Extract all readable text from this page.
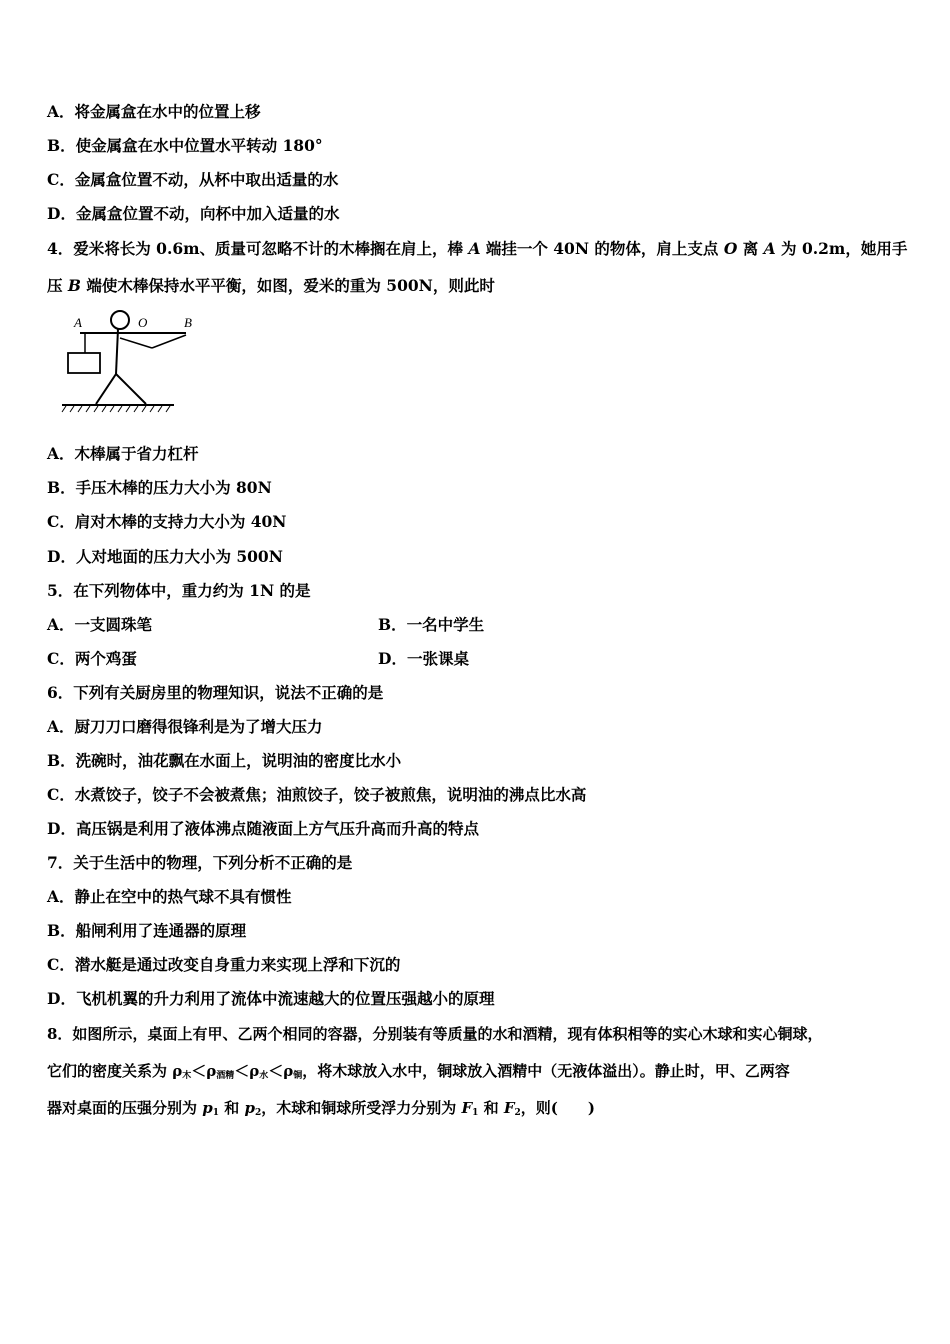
A．将金属盒在水中的位置上移
B．使金属盒在水中位置水平转动 180°
C．金属盒位置不动，从杯中取出适量的水
D．金属盒位置不动，向杯中加入适量的水
4．爱米将长为 0.6m、质量可忽略不计的木棒搁在肩上，棒 A 端挂一个 40N 的物体，肩上支点 O 离 A 为 0.2m，她用手
压 B 端使木棒保持水平平衡，如图，爱米的重为 500N，则此时
A	O	B
A．木棒属于省力杠杆
B．手压木棒的压力大小为 80N
C．肩对木棒的支持力大小为 40N
D．人对地面的压力大小为 500N
5．在下列物体中，重力约为 1N 的是
A．一支圆珠笔	B．一名中学生
C．两个鸡蛋	D．一张课桌
6．下列有关厨房里的物理知识，说法不正确的是
A．厨刀刀口磨得很锋利是为了增大压力
B．洗碗时，油花飘在水面上，说明油的密度比水小
C．水煮饺子，饺子不会被煮焦；油煎饺子，饺子被煎焦，说明油的沸点比水高
D．高压锅是利用了液体沸点随液面上方气压升高而升高的特点
7．关于生活中的物理，下列分析不正确的是
A．静止在空中的热气球不具有惯性
B．船闸利用了连通器的原理
C．潜水艇是通过改变自身重力来实现上浮和下沉的
D．飞机机翼的升力利用了流体中流速越大的位置压强越小的原理
8．如图所示，桌面上有甲、乙两个相同的容器，分别装有等质量的水和酒精，现有体积相等的实心木球和实心铜球，
它们的密度关系为 $\rho_木<\rho_{酒精}<\rho_水<\rho_铜$，将木球放入水中，铜球放入酒精中（无液体溢出）。静止时，甲、乙两容
器对桌面的压强分别为 $p_1$ 和 $p_2$，木球和铜球所受浮力分别为 $F_1$ 和 $F_2$，则(　　)
